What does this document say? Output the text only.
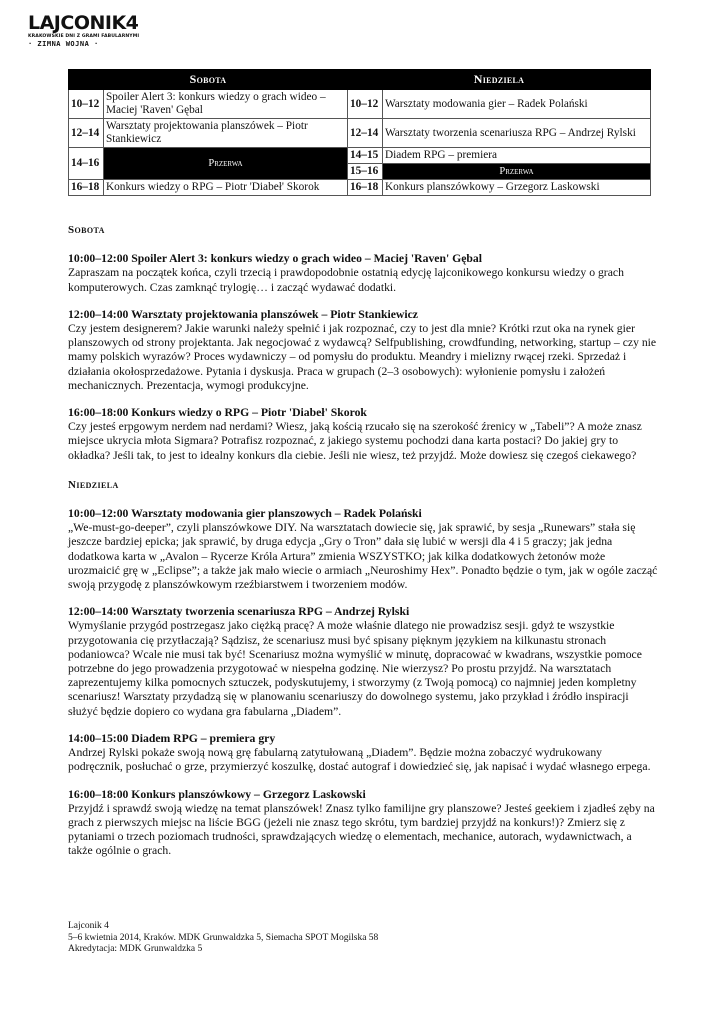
LAJCONIK4
KRAKOWSKIE DNI Z GRAMI FABULARNYMI
· ZIMNA WOJNA ·
Sobota		Niedziela	
10–12	Spoiler Alert 3: konkurs wiedzy o grach wideo – Maciej 'Raven' Gębal	10–12	Warsztaty modowania gier – Radek Polański
12–14	Warsztaty projektowania planszówek – Piotr Stankiewicz	12–14	Warsztaty tworzenia scenariusza RPG – Andrzej Rylski
14–16	Przerwa	14–15	Diadem RPG – premiera
		15–16	Przerwa
16–18	Konkurs wiedzy o RPG – Piotr 'Diabeł' Skorok	16–18	Konkurs planszówkowy – Grzegorz Laskowski
Sobota

10:00–12:00 Spoiler Alert 3: konkurs wiedzy o grach wideo – Maciej 'Raven' Gębal

Zapraszam na początek końca, czyli trzecią i prawdopodobnie ostatnią edycję lajconikowego konkursu wiedzy o grach komputerowych. Czas zamknąć trylogię… i zacząć wydawać dodatki.

12:00–14:00 Warsztaty projektowania planszówek – Piotr Stankiewicz

Czy jestem designerem? Jakie warunki należy spełnić i jak rozpoznać, czy to jest dla mnie? Krótki rzut oka na rynek gier planszowych od strony projektanta. Jak negocjować z wydawcą? Selfpublishing, crowdfunding, networking, startup – czy nie mamy polskich wyrazów? Proces wydawniczy – od pomysłu do produktu. Meandry i mielizny rwącej rzeki. Sprzedaż i działania okołosprzedażowe. Pytania i dyskusja. Praca w grupach (2–3 osobowych): wyłonienie pomysłu i założeń mechanicznych. Prezentacja, wymogi produkcyjne.

16:00–18:00 Konkurs wiedzy o RPG – Piotr 'Diabeł' Skorok

Czy jesteś erpgowym nerdem nad nerdami? Wiesz, jaką kością rzucało się na szerokość źrenicy w „Tabeli”? A może znasz miejsce ukrycia młota Sigmara? Potrafisz rozpoznać, z jakiego systemu pochodzi dana karta postaci? Do jakiej gry to okładka? Jeśli tak, to jest to idealny konkurs dla ciebie. Jeśli nie wiesz, też przyjdź. Może dowiesz się czegoś ciekawego?

Niedziela

10:00–12:00 Warsztaty modowania gier planszowych – Radek Polański

„We-must-go-deeper”, czyli planszówkowe DIY. Na warsztatach dowiecie się, jak sprawić, by sesja „Runewars” stała się jeszcze bardziej epicka; jak sprawić, by druga edycja „Gry o Tron” dała się lubić w wersji dla 4 i 5 graczy; jak jedna dodatkowa karta w „Avalon – Rycerze Króla Artura” zmienia WSZYSTKO; jak kilka dodatkowych żetonów może urozmaicić grę w „Eclipse”; a także jak mało wiecie o armiach „Neuroshimy Hex”. Ponadto będzie o tym, jak w ogóle zacząć swoją przygodę z planszówkowym rzeźbiarstwem i tworzeniem modów.

12:00–14:00 Warsztaty tworzenia scenariusza RPG – Andrzej Rylski

Wymyślanie przygód postrzegasz jako ciężką pracę? A może właśnie dlatego nie prowadzisz sesji. gdyż te wszystkie przygotowania cię przytłaczają? Sądzisz, że scenariusz musi być spisany pięknym językiem na kilkunastu stronach podaniowca? Wcale nie musi tak być! Scenariusz można wymyślić w minutę, dopracować w kwadrans, wszystkie pomoce potrzebne do jego prowadzenia przygotować w niespełna godzinę. Nie wierzysz? Po prostu przyjdź. Na warsztatach zaprezentujemy kilka pomocnych sztuczek, podyskutujemy, i stworzymy (z Twoją pomocą) co najmniej jeden kompletny scenariusz! Warsztaty przydadzą się w planowaniu scenariuszy do dowolnego systemu, jako przykład i źródło inspiracji służyć będzie dopiero co wydana gra fabularna „Diadem”.

14:00–15:00 Diadem RPG – premiera gry

Andrzej Rylski pokaże swoją nową grę fabularną zatytułowaną „Diadem”. Będzie można zobaczyć wydrukowany podręcznik, posłuchać o grze, przymierzyć koszulkę, dostać autograf i dowiedzieć się, jak napisać i wydać własnego erpega.

16:00–18:00 Konkurs planszówkowy – Grzegorz Laskowski

Przyjdź i sprawdź swoją wiedzę na temat planszówek! Znasz tylko familijne gry planszowe? Jesteś geekiem i zjadłeś zęby na grach z pierwszych miejsc na liście BGG (jeżeli nie znasz tego skrótu, tym bardziej przyjdź na konkurs!)? Zmierz się z pytaniami o trzech poziomach trudności, sprawdzających wiedzę o elementach, mechanice, autorach, wydawnictwach, a także ogólnie o grach.

Lajconik 4
5–6 kwietnia 2014, Kraków. MDK Grunwaldzka 5, Siemacha SPOT Mogilska 58
Akredytacja: MDK Grunwaldzka 5
